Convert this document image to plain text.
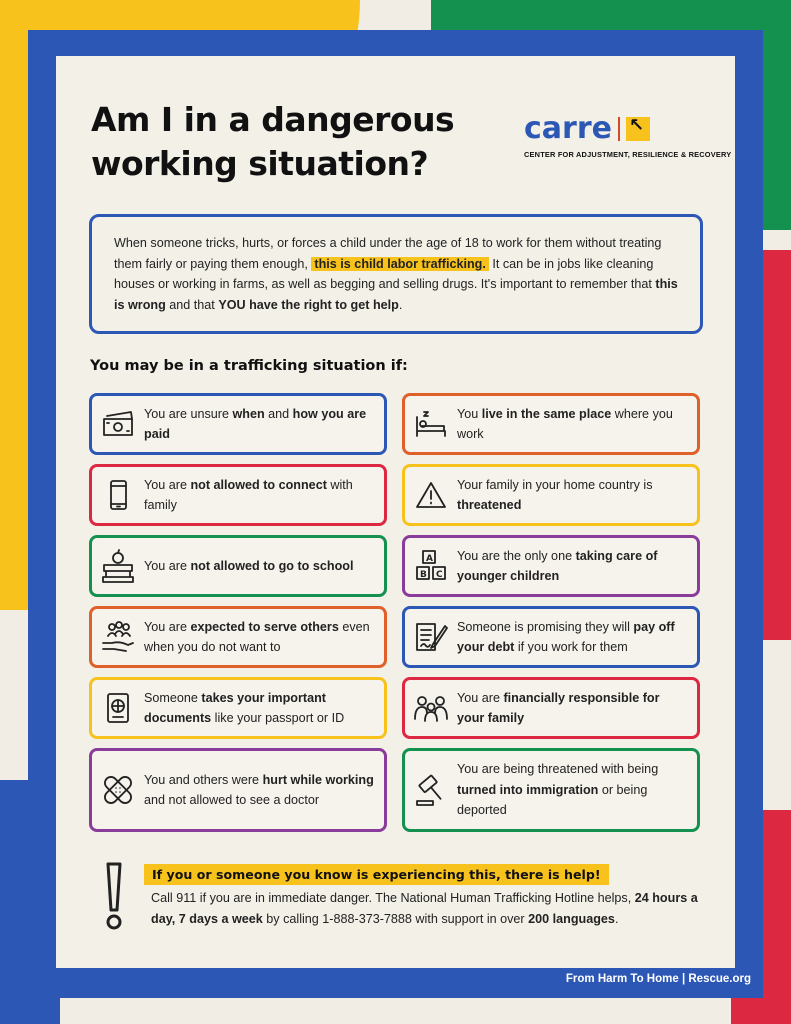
Am I in a dangerous
working situation?
carre↖
CENTER FOR ADJUSTMENT, RESILIENCE & RECOVERY
When someone tricks, hurts, or forces a child under the age of 18 to work for them without treating them fairly or paying them enough, this is child labor trafficking. It can be in jobs like cleaning houses or working in farms, as well as begging and selling drugs. It's important to remember that this is wrong and that YOU have the right to get help.
You may be in a trafficking situation if:
You are unsure when and how you are paid
You live in the same place where you work
You are not allowed to connect with family
Your family in your home country is threatened
You are not allowed to go to school	A
B C
You are the only one taking care of younger children
You are expected to serve others even when you do not want to
Someone is promising they will pay off your debt if you work for them
Someone takes your important documents like your passport or ID
You are financially responsible for your family
You and others were hurt while working and not allowed to see a doctor
You are being threatened with being turned into immigration or being deported
If you or someone you know is experiencing this, there is help!
Call 911 if you are in immediate danger. The National Human Trafficking Hotline helps, 24 hours a day, 7 days a week by calling 1-888-373-7888 with support in over 200 languages.
From Harm To Home | Rescue.org
